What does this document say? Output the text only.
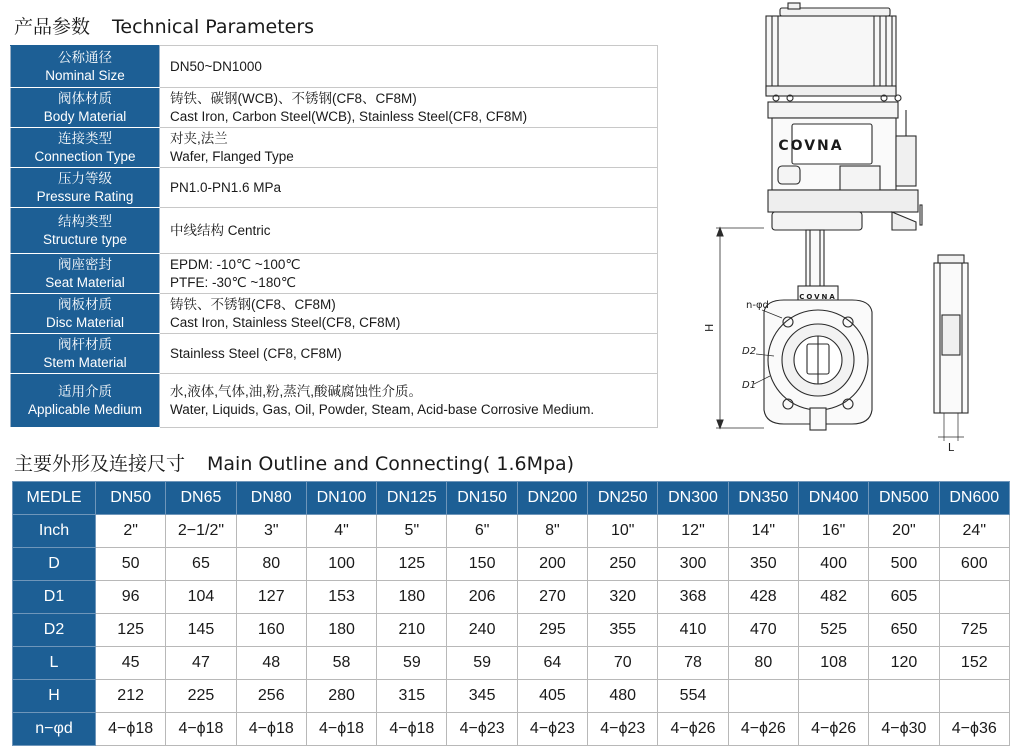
产品参数 Technical Parameters
公称通径
Nominal Size	DN50~DN1000

阀体材质
Body Material	铸铁、碳钢(WCB)、不锈钢(CF8、CF8M)
Cast Iron, Carbon Steel(WCB), Stainless Steel(CF8, CF8M)

连接类型
Connection Type	对夹,法兰
Wafer, Flanged Type

压力等级
Pressure Rating	PN1.0-PN1.6 MPa

结构类型
Structure type	中线结构 Centric

阀座密封
Seat Material	EPDM: -10℃ ~100℃
PTFE: -30℃ ~180℃

阀板材质
Disc Material	铸铁、不锈钢(CF8、CF8M)
Cast Iron, Stainless Steel(CF8, CF8M)

阀杆材质
Stem Material	Stainless Steel (CF8, CF8M)

适用介质
Applicable Medium	水,液体,气体,油,粉,蒸汽,酸碱腐蚀性介质。
Water, Liquids, Gas, Oil, Powder, Steam, Acid-base Corrosive Medium.
主要外形及连接尺寸 Main Outline and Connecting( 1.6Mpa)
MEDLE	DN50	DN65	DN80	DN100	DN125	DN150	DN200	DN250	DN300	DN350	DN400	DN500	DN600
Inch	2"	2−1/2"	3"	4"	5"	6"	8"	10"	12"	14"	16"	20"	24"
D	50	65	80	100	125	150	200	250	300	350	400	500	600
D1	96	104	127	153	180	206	270	320	368	428	482	605	
D2	125	145	160	180	210	240	295	355	410	470	525	650	725
L	45	47	48	58	59	59	64	70	78	80	108	120	152
H	212	225	256	280	315	345	405	480	554				
n−φd	4−ϕ18	4−ϕ18	4−ϕ18	4−ϕ18	4−ϕ18	4−ϕ23	4−ϕ23	4−ϕ23	4−ϕ26	4−ϕ26	4−ϕ26	4−ϕ30	4−ϕ36
COVNA
COVNA
H
n-φd
D2
D1
L
